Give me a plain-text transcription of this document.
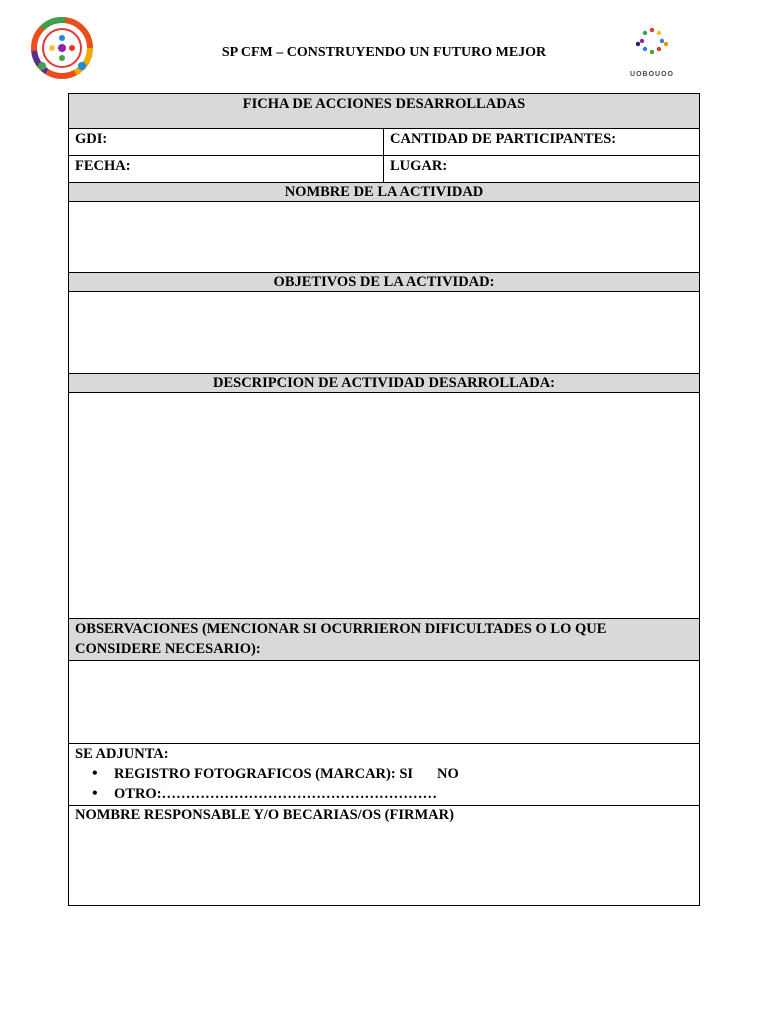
SP CFM – CONSTRUYENDO UN FUTURO MEJOR
UOBOUOO
FICHA DE ACCIONES DESARROLLADAS
GDI:	CANTIDAD DE PARTICIPANTES:
FECHA:	LUGAR:
NOMBRE DE LA ACTIVIDAD
OBJETIVOS DE LA ACTIVIDAD:
DESCRIPCION DE ACTIVIDAD DESARROLLADA:
OBSERVACIONES (MENCIONAR SI OCURRIERON DIFICULTADES O LO QUE CONSIDERE NECESARIO):
SE ADJUNTA:
• REGISTRO FOTOGRAFICOS (MARCAR): SI NO
• OTRO:…………………………………………………
NOMBRE RESPONSABLE Y/O BECARIAS/OS (FIRMAR)
